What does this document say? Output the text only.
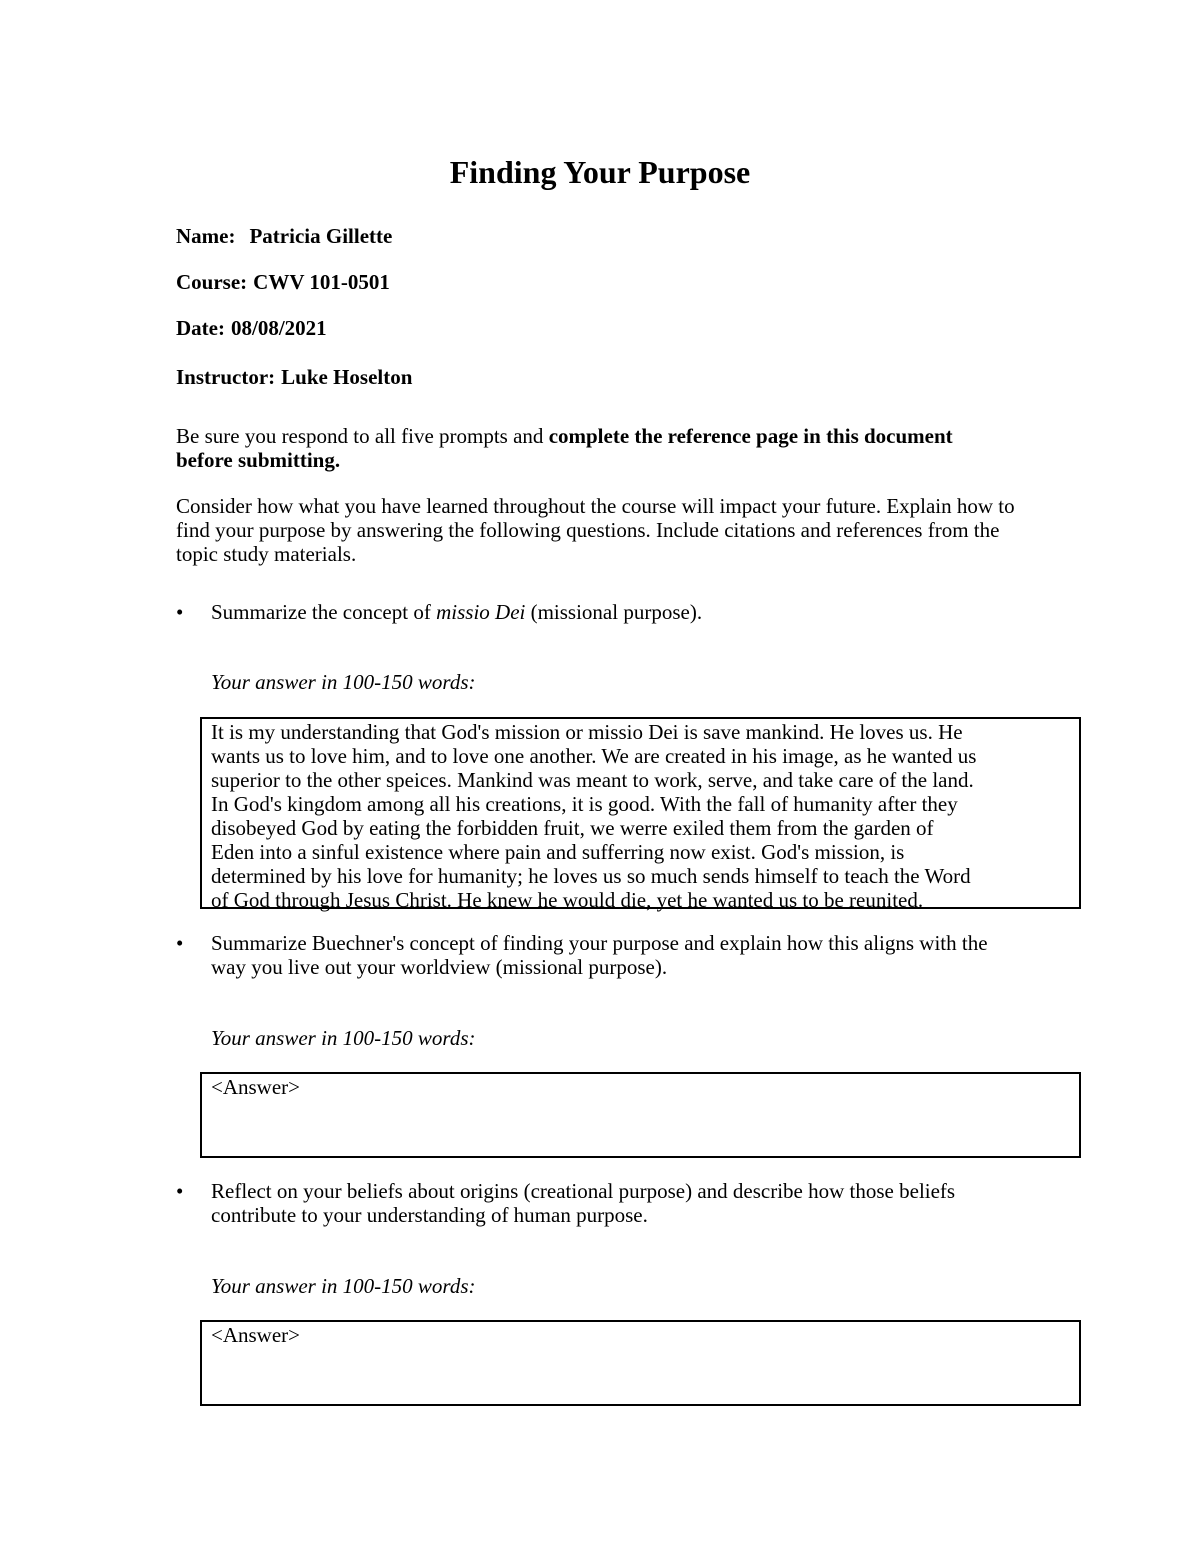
Finding Your Purpose
Name: Patricia Gillette
Course: CWV 101-0501
Date: 08/08/2021
Instructor: Luke Hoselton
Be sure you respond to all five prompts and complete the reference page in this document before submitting.
Consider how what you have learned throughout the course will impact your future. Explain how to find your purpose by answering the following questions. Include citations and references from the topic study materials.
•	Summarize the concept of missio Dei (missional purpose).
Your answer in 100-150 words:
It is my understanding that God's mission or missio Dei is save mankind. He loves us. He
wants us to love him, and to love one another. We are created in his image, as he wanted us
superior to the other speices. Mankind was meant to work, serve, and take care of the land.
In God's kingdom among all his creations, it is good. With the fall of humanity after they
disobeyed God by eating the forbidden fruit, we werre exiled them from the garden of
Eden into a sinful existence where pain and sufferring now exist. God's mission, is
determined by his love for humanity; he loves us so much sends himself to teach the Word
of God through Jesus Christ. He knew he would die, yet he wanted us to be reunited.
•	Summarize Buechner's concept of finding your purpose and explain how this aligns with the way you live out your worldview (missional purpose).
Your answer in 100-150 words:
<Answer>
•	Reflect on your beliefs about origins (creational purpose) and describe how those beliefs contribute to your understanding of human purpose.
Your answer in 100-150 words:
<Answer>
